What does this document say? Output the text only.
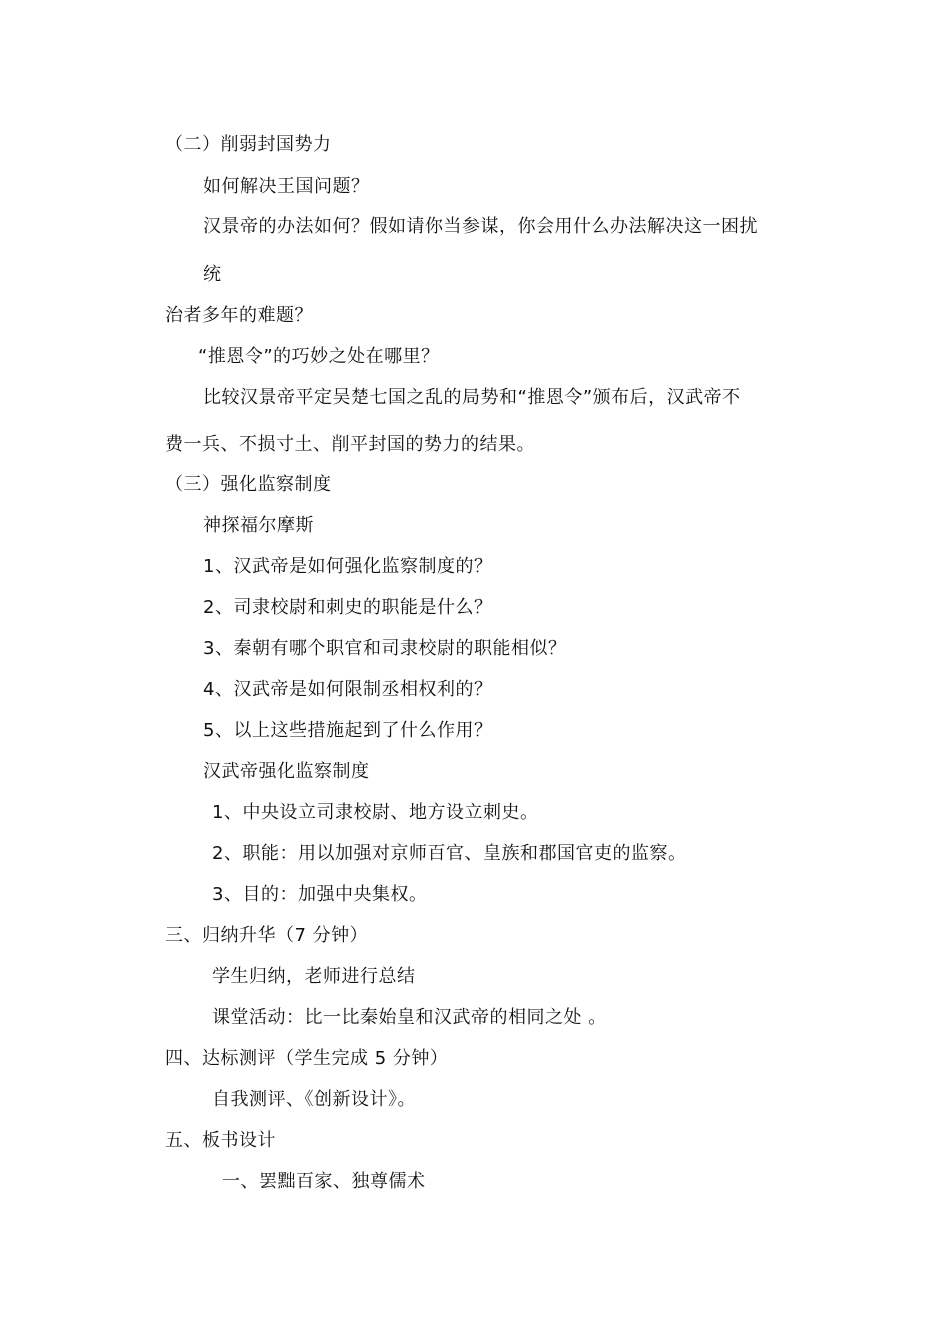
（二）削弱封国势力
如何解决王国问题？
汉景帝的办法如何？假如请你当参谋，你会用什么办法解决这一困扰
统
治者多年的难题？
“推恩令”的巧妙之处在哪里？
比较汉景帝平定吴楚七国之乱的局势和“推恩令”颁布后，汉武帝不
费一兵、不损寸土、削平封国的势力的结果。
（三）强化监察制度
神探福尔摩斯
1、汉武帝是如何强化监察制度的？
2、司隶校尉和刺史的职能是什么？
3、秦朝有哪个职官和司隶校尉的职能相似？
4、汉武帝是如何限制丞相权利的？
5、以上这些措施起到了什么作用？
汉武帝强化监察制度
1、中央设立司隶校尉、地方设立刺史。
2、职能：用以加强对京师百官、皇族和郡国官吏的监察。
3、目的：加强中央集权。
三、归纳升华（7 分钟）
学生归纳，老师进行总结
课堂活动：比一比秦始皇和汉武帝的相同之处 。
四、达标测评（学生完成 5 分钟）
自我测评、《创新设计》。
五、板书设计
一、罢黜百家、独尊儒术
